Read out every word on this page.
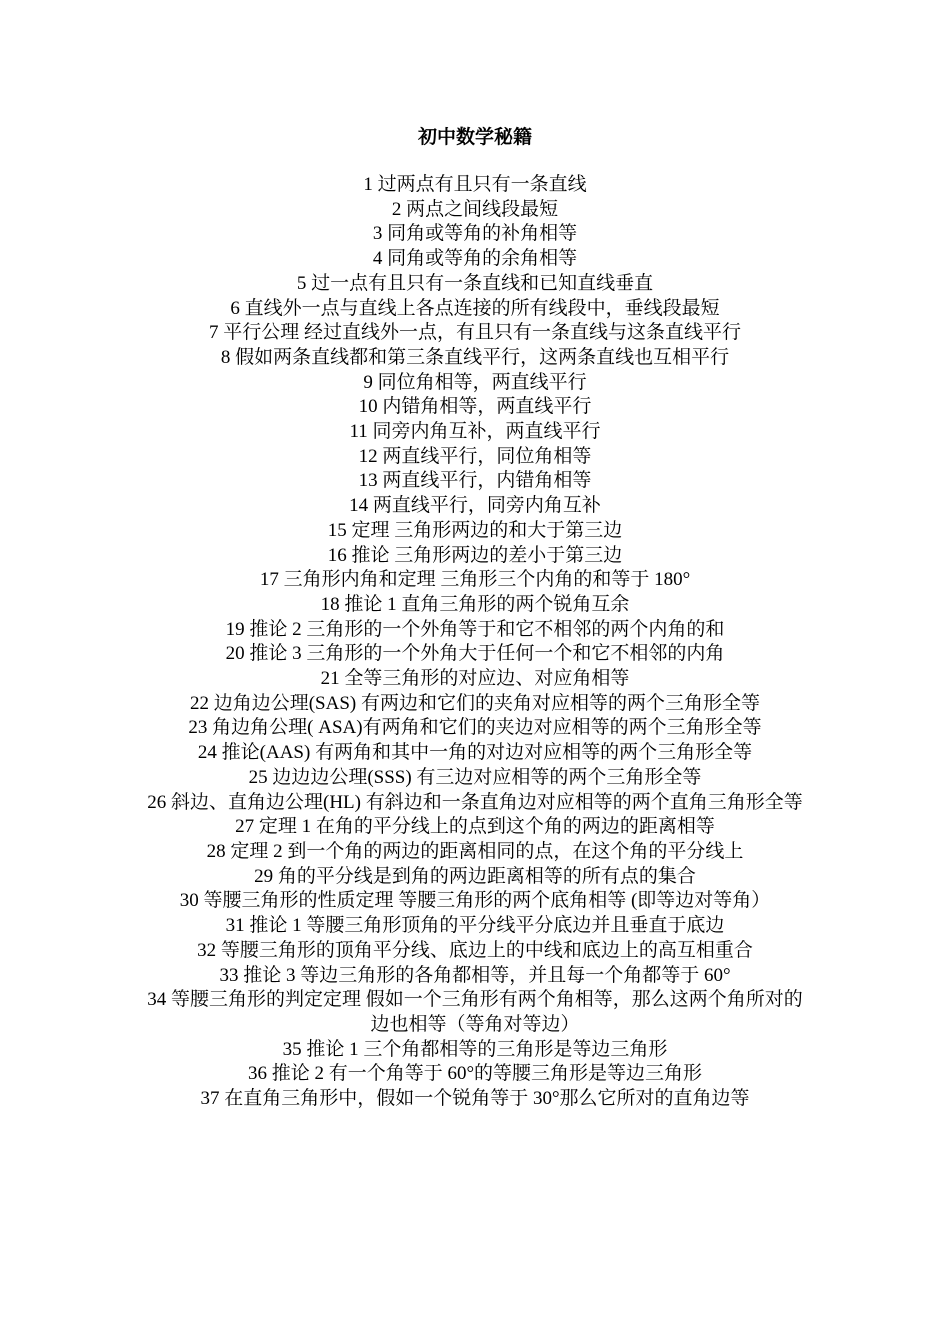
初中数学秘籍
1 过两点有且只有一条直线
2 两点之间线段最短
3 同角或等角的补角相等
4 同角或等角的余角相等
5 过一点有且只有一条直线和已知直线垂直
6 直线外一点与直线上各点连接的所有线段中，垂线段最短
7 平行公理 经过直线外一点，有且只有一条直线与这条直线平行
8 假如两条直线都和第三条直线平行，这两条直线也互相平行
9 同位角相等，两直线平行
10 内错角相等，两直线平行
11 同旁内角互补，两直线平行
12 两直线平行，同位角相等
13 两直线平行，内错角相等
14 两直线平行，同旁内角互补
15 定理 三角形两边的和大于第三边
16 推论 三角形两边的差小于第三边
17 三角形内角和定理 三角形三个内角的和等于 180°
18 推论 1 直角三角形的两个锐角互余
19 推论 2 三角形的一个外角等于和它不相邻的两个内角的和
20 推论 3 三角形的一个外角大于任何一个和它不相邻的内角
21 全等三角形的对应边、对应角相等
22 边角边公理(SAS) 有两边和它们的夹角对应相等的两个三角形全等
23 角边角公理( ASA)有两角和它们的夹边对应相等的两个三角形全等
24 推论(AAS) 有两角和其中一角的对边对应相等的两个三角形全等
25 边边边公理(SSS) 有三边对应相等的两个三角形全等
26 斜边、直角边公理(HL) 有斜边和一条直角边对应相等的两个直角三角形全等
27 定理 1 在角的平分线上的点到这个角的两边的距离相等
28 定理 2 到一个角的两边的距离相同的点，在这个角的平分线上
29 角的平分线是到角的两边距离相等的所有点的集合
30 等腰三角形的性质定理 等腰三角形的两个底角相等 (即等边对等角）
31 推论 1 等腰三角形顶角的平分线平分底边并且垂直于底边
32 等腰三角形的顶角平分线、底边上的中线和底边上的高互相重合
33 推论 3 等边三角形的各角都相等，并且每一个角都等于 60°
34 等腰三角形的判定定理 假如一个三角形有两个角相等，那么这两个角所对的边也相等（等角对等边）
35 推论 1 三个角都相等的三角形是等边三角形
36 推论 2 有一个角等于 60°的等腰三角形是等边三角形
37 在直角三角形中，假如一个锐角等于 30°那么它所对的直角边等
